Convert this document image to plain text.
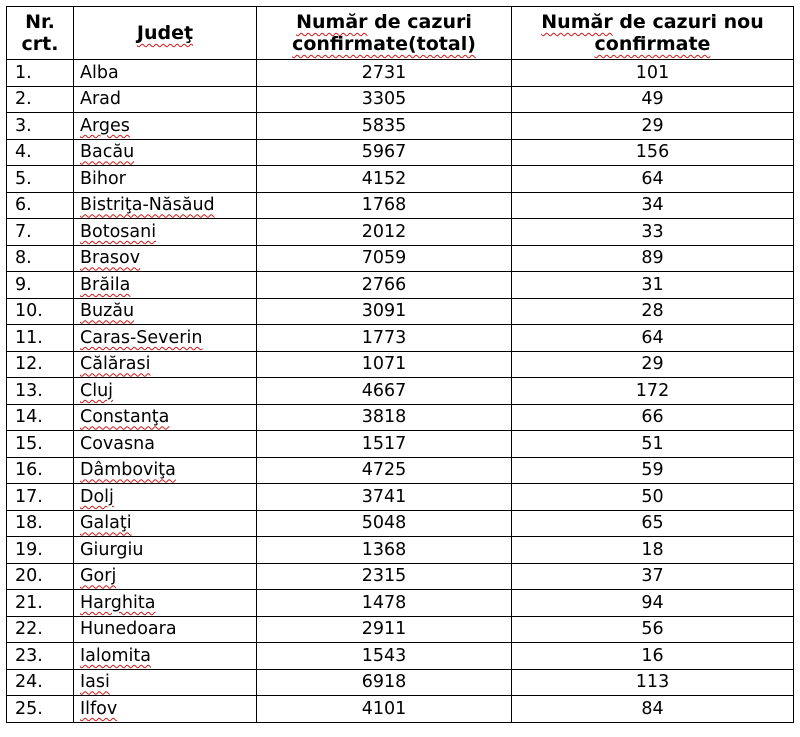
Nr. crt.	Judeţ	Număr de cazuri confirmate(total)	Număr de cazuri nou confirmate
1.	Alba	2731	101
2.	Arad	3305	49
3.	Arges	5835	29
4.	Bacău	5967	156
5.	Bihor	4152	64
6.	Bistriţa-Năsăud	1768	34
7.	Botosani	2012	33
8.	Brasov	7059	89
9.	Brăila	2766	31
10.	Buzău	3091	28
11.	Caras-Severin	1773	64
12.	Călărasi	1071	29
13.	Cluj	4667	172
14.	Constanţa	3818	66
15.	Covasna	1517	51
16.	Dâmboviţa	4725	59
17.	Dolj	3741	50
18.	Galaţi	5048	65
19.	Giurgiu	1368	18
20.	Gorj	2315	37
21.	Harghita	1478	94
22.	Hunedoara	2911	56
23.	Ialomita	1543	16
24.	Iasi	6918	113
25.	Ilfov	4101	84
